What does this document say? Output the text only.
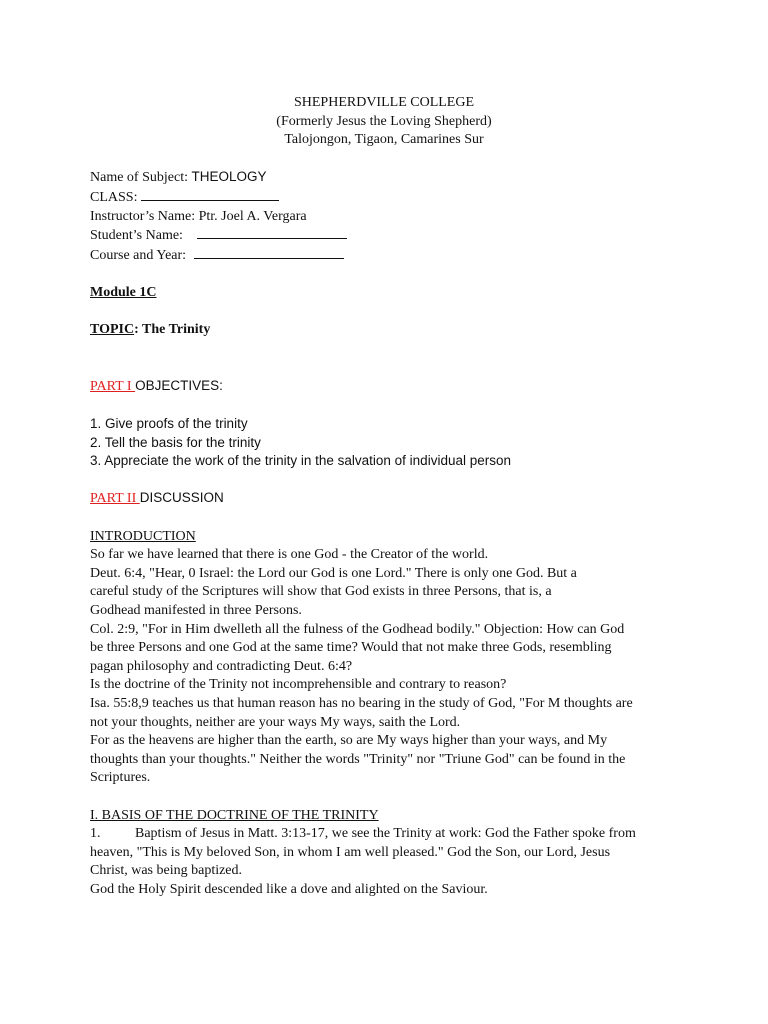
SHEPHERDVILLE COLLEGE
(Formerly Jesus the Loving Shepherd)
Talojongon, Tigaon, Camarines Sur
Name of Subject: THEOLOGY
CLASS:
Instructor’s Name: Ptr. Joel A. Vergara
Student’s Name:
Course and Year:
Module 1C
TOPIC: The Trinity
PART I OBJECTIVES:
1. Give proofs of the trinity
2. Tell the basis for the trinity
3. Appreciate the work of the trinity in the salvation of individual person
PART II DISCUSSION
INTRODUCTION
So far we have learned that there is one God - the Creator of the world.
Deut. 6:4, "Hear, 0 Israel: the Lord our God is one Lord." There is only one God. But a
careful study of the Scriptures will show that God exists in three Persons, that is, a
Godhead manifested in three Persons.
Col. 2:9, "For in Him dwelleth all the fulness of the Godhead bodily." Objection: How can God
be three Persons and one God at the same time? Would that not make three Gods, resembling
pagan philosophy and contradicting Deut. 6:4?
Is the doctrine of the Trinity not incomprehensible and contrary to reason?
Isa. 55:8,9 teaches us that human reason has no bearing in the study of God, "For M thoughts are
not your thoughts, neither are your ways My ways, saith the Lord.
For as the heavens are higher than the earth, so are My ways higher than your ways, and My
thoughts than your thoughts." Neither the words "Trinity" nor "Triune God" can be found in the
Scriptures.
I. BASIS OF THE DOCTRINE OF THE TRINITY
1. Baptism of Jesus in Matt. 3:13-17, we see the Trinity at work: God the Father spoke from
heaven, "This is My beloved Son, in whom I am well pleased." God the Son, our Lord, Jesus
Christ, was being baptized.
God the Holy Spirit descended like a dove and alighted on the Saviour.
